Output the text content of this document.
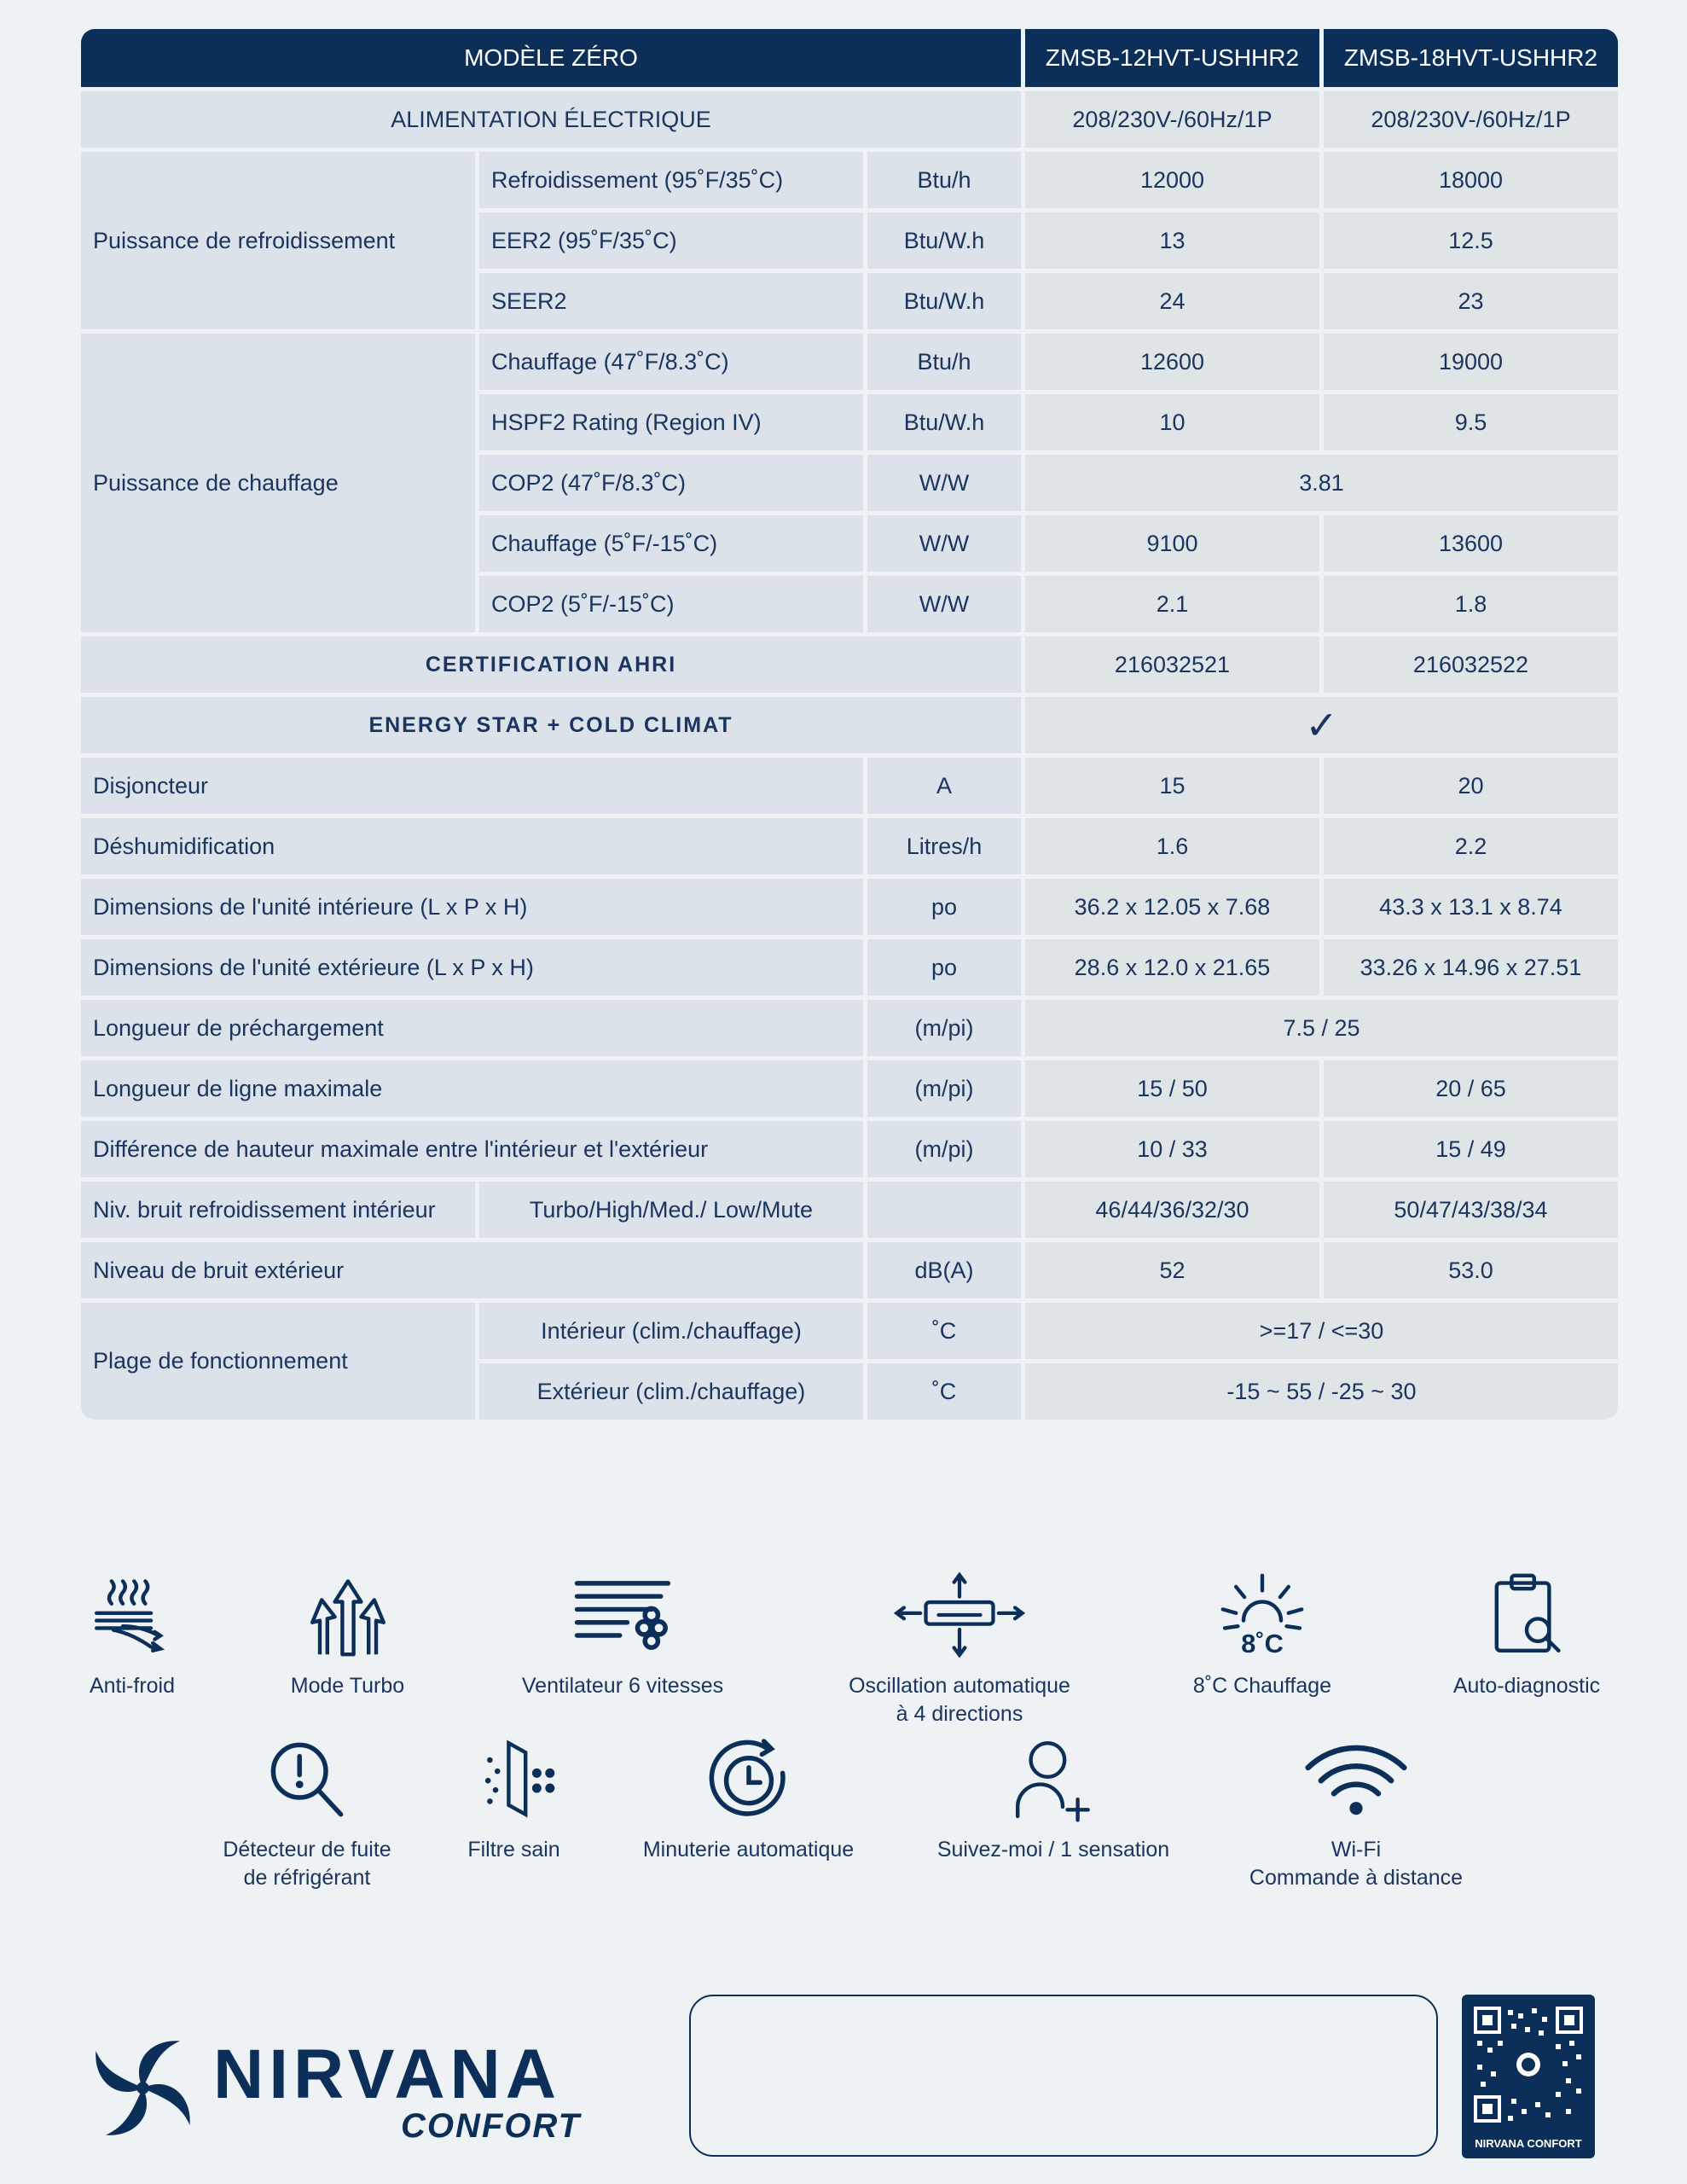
MODÈLE ZÉRO			ZMSB-12HVT-USHHR2	ZMSB-18HVT-USHHR2
ALIMENTATION ÉLECTRIQUE			208/230V-/60Hz/1P	208/230V-/60Hz/1P
Puissance de refroidissement	Refroidissement (95˚F/35˚C)	Btu/h	12000	18000
	EER2 (95˚F/35˚C)	Btu/W.h	13	12.5
	SEER2	Btu/W.h	24	23
Puissance de chauffage	Chauffage (47˚F/8.3˚C)	Btu/h	12600	19000
	HSPF2 Rating (Region IV)	Btu/W.h	10	9.5
	COP2 (47˚F/8.3˚C)	W/W	3.81	
	Chauffage (5˚F/-15˚C)	W/W	9100	13600
	COP2 (5˚F/-15˚C)	W/W	2.1	1.8
CERTIFICATION AHRI			216032521	216032522
ENERGY STAR + COLD CLIMAT			✓	
Disjoncteur		A	15	20
Déshumidification		Litres/h	1.6	2.2
Dimensions de l'unité intérieure (L x P x H)		po	36.2 x 12.05 x 7.68	43.3 x 13.1 x 8.74
Dimensions de l'unité extérieure (L x P x H)		po	28.6 x 12.0 x 21.65	33.26 x 14.96 x 27.51
Longueur de préchargement		(m/pi)	7.5 / 25	
Longueur de ligne maximale		(m/pi)	15 / 50	20 / 65
Différence de hauteur maximale entre l'intérieur et l'extérieur		(m/pi)	10 / 33	15 / 49
Niv. bruit refroidissement intérieur	Turbo/High/Med./ Low/Mute		46/44/36/32/30	50/47/43/38/34
Niveau de bruit extérieur		dB(A)	52	53.0
Plage de fonctionnement	Intérieur (clim./chauffage)	˚C	>=17 / <=30	
	Extérieur (clim./chauffage)	˚C	-15 ~ 55 / -25 ~ 30	
Anti-froid	Mode Turbo	Ventilateur 6 vitesses	Oscillation automatique
à 4 directions
8˚C
8˚C Chauffage	Auto-diagnostic
Détecteur de fuite
de réfrigérant
Filtre sain	Minuterie automatique	Suivez-moi / 1 sensation	Wi-Fi
Commande à distance
NIRVANA
CONFORT	NIRVANA CONFORT
